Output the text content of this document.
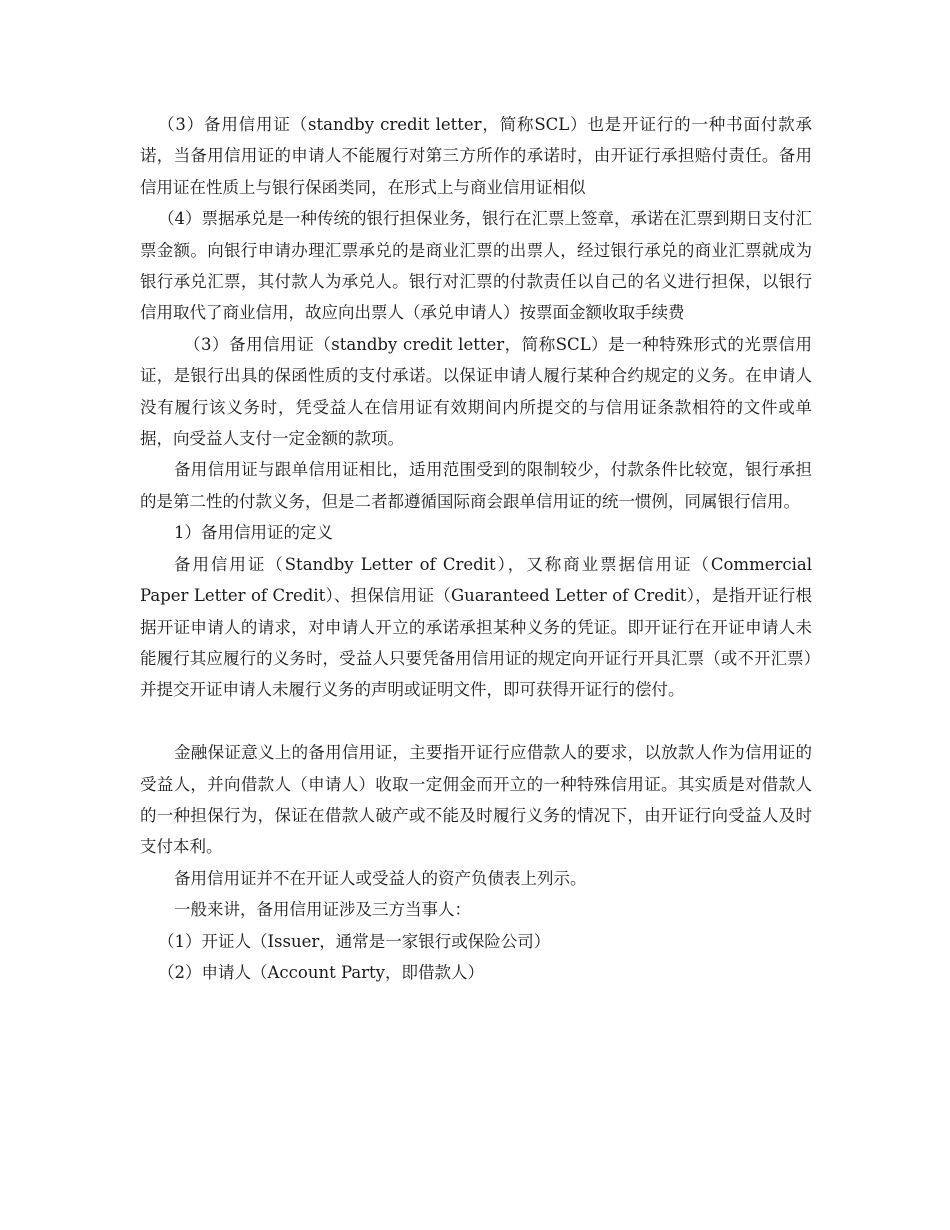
（3）备用信用证（standby credit letter，简称SCL）也是开证行的一种书面付款承诺，当备用信用证的申请人不能履行对第三方所作的承诺时，由开证行承担赔付责任。备用信用证在性质上与银行保函类同，在形式上与商业信用证相似

（4）票据承兑是一种传统的银行担保业务，银行在汇票上签章，承诺在汇票到期日支付汇票金额。向银行申请办理汇票承兑的是商业汇票的出票人，经过银行承兑的商业汇票就成为银行承兑汇票，其付款人为承兑人。银行对汇票的付款责任以自己的名义进行担保，以银行信用取代了商业信用，故应向出票人（承兑申请人）按票面金额收取手续费

（3）备用信用证（standby credit letter，简称SCL）是一种特殊形式的光票信用证，是银行出具的保函性质的支付承诺。以保证申请人履行某种合约规定的义务。在申请人没有履行该义务时，凭受益人在信用证有效期间内所提交的与信用证条款相符的文件或单据，向受益人支付一定金额的款项。

备用信用证与跟单信用证相比，适用范围受到的限制较少，付款条件比较宽，银行承担的是第二性的付款义务，但是二者都遵循国际商会跟单信用证的统一惯例，同属银行信用。

1）备用信用证的定义

备用信用证（Standby Letter of Credit），又称商业票据信用证（Commercial Paper Letter of Credit）、担保信用证（Guaranteed Letter of Credit），是指开证行根据开证申请人的请求，对申请人开立的承诺承担某种义务的凭证。即开证行在开证申请人未能履行其应履行的义务时，受益人只要凭备用信用证的规定向开证行开具汇票（或不开汇票）并提交开证申请人未履行义务的声明或证明文件，即可获得开证行的偿付。

金融保证意义上的备用信用证，主要指开证行应借款人的要求，以放款人作为信用证的受益人，并向借款人（申请人）收取一定佣金而开立的一种特殊信用证。其实质是对借款人的一种担保行为，保证在借款人破产或不能及时履行义务的情况下，由开证行向受益人及时支付本利。

备用信用证并不在开证人或受益人的资产负债表上列示。

一般来讲，备用信用证涉及三方当事人：

（1）开证人（Issuer，通常是一家银行或保险公司）

（2）申请人（Account Party，即借款人）
